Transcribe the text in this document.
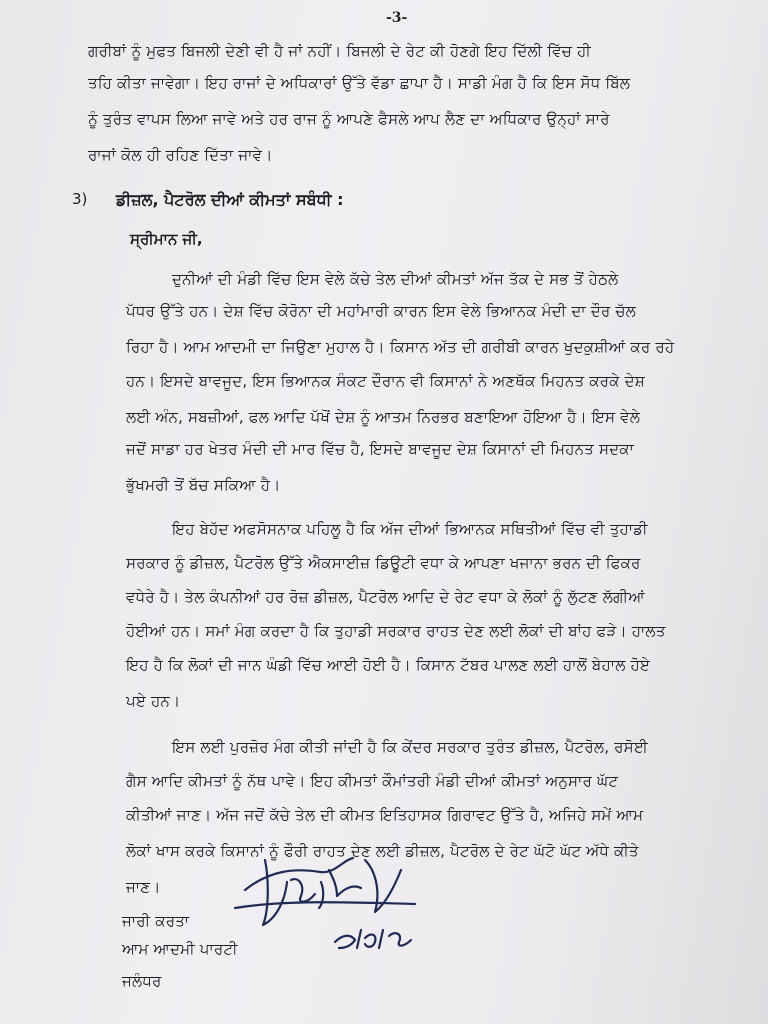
-3-
ਗਰੀਬਾਂ ਨੂੰ ਮੁਫਤ ਬਿਜਲੀ ਦੇਣੀ ਵੀ ਹੈ ਜਾਂ ਨਹੀਂ। ਬਿਜਲੀ ਦੇ ਰੇਟ ਕੀ ਹੋਣਗੇ ਇਹ ਦਿੱਲੀ ਵਿੱਚ ਹੀ
ਤਹਿ ਕੀਤਾ ਜਾਵੇਗਾ। ਇਹ ਰਾਜਾਂ ਦੇ ਅਧਿਕਾਰਾਂ ਉੱਤੇ ਵੱਡਾ ਛਾਪਾ ਹੈ। ਸਾਡੀ ਮੰਗ ਹੈ ਕਿ ਇਸ ਸੋਧ ਬਿੱਲ
ਨੂੰ ਤੁਰੰਤ ਵਾਪਸ ਲਿਆ ਜਾਵੇ ਅਤੇ ਹਰ ਰਾਜ ਨੂੰ ਆਪਣੇ ਫੈਸਲੇ ਆਪ ਲੈਣ ਦਾ ਅਧਿਕਾਰ ਉਨ੍ਹਾਂ ਸਾਰੇ
ਰਾਜਾਂ ਕੋਲ ਹੀ ਰਹਿਣ ਦਿੱਤਾ ਜਾਵੇ।
3) ਡੀਜ਼ਲ, ਪੈਟਰੋਲ ਦੀਆਂ ਕੀਮਤਾਂ ਸਬੰਧੀ :
ਸ੍ਰੀਮਾਨ ਜੀ,
ਦੁਨੀਆਂ ਦੀ ਮੰਡੀ ਵਿੱਚ ਇਸ ਵੇਲੇ ਕੱਚੇ ਤੇਲ ਦੀਆਂ ਕੀਮਤਾਂ ਅੱਜ ਤੱਕ ਦੇ ਸਭ ਤੋਂ ਹੇਠਲੇ
ਪੱਧਰ ਉੱਤੇ ਹਨ। ਦੇਸ਼ ਵਿੱਚ ਕੋਰੋਨਾ ਦੀ ਮਹਾਂਮਾਰੀ ਕਾਰਨ ਇਸ ਵੇਲੇ ਭਿਆਨਕ ਮੰਦੀ ਦਾ ਦੌਰ ਚੱਲ
ਰਿਹਾ ਹੈ। ਆਮ ਆਦਮੀ ਦਾ ਜਿਉਣਾ ਮੁਹਾਲ ਹੈ। ਕਿਸਾਨ ਅੱਤ ਦੀ ਗਰੀਬੀ ਕਾਰਨ ਖੁਦਕੁਸ਼ੀਆਂ ਕਰ ਰਹੇ
ਹਨ। ਇਸਦੇ ਬਾਵਜੂਦ, ਇਸ ਭਿਆਨਕ ਸੰਕਟ ਦੌਰਾਨ ਵੀ ਕਿਸਾਨਾਂ ਨੇ ਅਣਥੱਕ ਮਿਹਨਤ ਕਰਕੇ ਦੇਸ਼
ਲਈ ਅੰਨ, ਸਬਜ਼ੀਆਂ, ਫਲ ਆਦਿ ਪੱਖੋਂ ਦੇਸ਼ ਨੂੰ ਆਤਮ ਨਿਰਭਰ ਬਣਾਇਆ ਹੋਇਆ ਹੈ। ਇਸ ਵੇਲੇ
ਜਦੋਂ ਸਾਡਾ ਹਰ ਖੇਤਰ ਮੰਦੀ ਦੀ ਮਾਰ ਵਿੱਚ ਹੈ, ਇਸਦੇ ਬਾਵਜੂਦ ਦੇਸ਼ ਕਿਸਾਨਾਂ ਦੀ ਮਿਹਨਤ ਸਦਕਾ
ਭੁੱਖਮਰੀ ਤੋਂ ਬੱਚ ਸਕਿਆ ਹੈ।
ਇਹ ਬੇਹੱਦ ਅਫਸੋਸਨਾਕ ਪਹਿਲੂ ਹੈ ਕਿ ਅੱਜ ਦੀਆਂ ਭਿਆਨਕ ਸਥਿਤੀਆਂ ਵਿੱਚ ਵੀ ਤੁਹਾਡੀ
ਸਰਕਾਰ ਨੂੰ ਡੀਜ਼ਲ, ਪੈਟਰੋਲ ਉੱਤੇ ਐਕਸਾਈਜ਼ ਡਿਊਟੀ ਵਧਾ ਕੇ ਆਪਣਾ ਖਜਾਨਾ ਭਰਨ ਦੀ ਫਿਕਰ
ਵਧੇਰੇ ਹੈ। ਤੇਲ ਕੰਪਨੀਆਂ ਹਰ ਰੋਜ਼ ਡੀਜ਼ਲ, ਪੈਟਰੋਲ ਆਦਿ ਦੇ ਰੇਟ ਵਧਾ ਕੇ ਲੋਕਾਂ ਨੂੰ ਲੁੱਟਣ ਲੱਗੀਆਂ
ਹੋਈਆਂ ਹਨ। ਸਮਾਂ ਮੰਗ ਕਰਦਾ ਹੈ ਕਿ ਤੁਹਾਡੀ ਸਰਕਾਰ ਰਾਹਤ ਦੇਣ ਲਈ ਲੋਕਾਂ ਦੀ ਬਾਂਹ ਫੜੇ। ਹਾਲਤ
ਇਹ ਹੈ ਕਿ ਲੋਕਾਂ ਦੀ ਜਾਨ ਘੰਡੀ ਵਿੱਚ ਆਈ ਹੋਈ ਹੈ। ਕਿਸਾਨ ਟੱਬਰ ਪਾਲਣ ਲਈ ਹਾਲੋਂ ਬੇਹਾਲ ਹੋਏ
ਪਏ ਹਨ।
ਇਸ ਲਈ ਪੁਰਜ਼ੋਰ ਮੰਗ ਕੀਤੀ ਜਾਂਦੀ ਹੈ ਕਿ ਕੇਂਦਰ ਸਰਕਾਰ ਤੁਰੰਤ ਡੀਜ਼ਲ, ਪੈਟਰੋਲ, ਰਸੋਈ
ਗੈਸ ਆਦਿ ਕੀਮਤਾਂ ਨੂੰ ਨੱਥ ਪਾਵੇ। ਇਹ ਕੀਮਤਾਂ ਕੌਮਾਂਤਰੀ ਮੰਡੀ ਦੀਆਂ ਕੀਮਤਾਂ ਅਨੁਸਾਰ ਘੱਟ
ਕੀਤੀਆਂ ਜਾਣ। ਅੱਜ ਜਦੋਂ ਕੱਚੇ ਤੇਲ ਦੀ ਕੀਮਤ ਇਤਿਹਾਸਕ ਗਿਰਾਵਟ ਉੱਤੇ ਹੈ, ਅਜਿਹੇ ਸਮੇਂ ਆਮ
ਲੋਕਾਂ ਖਾਸ ਕਰਕੇ ਕਿਸਾਨਾਂ ਨੂੰ ਫੌਰੀ ਰਾਹਤ ਦੇਣ ਲਈ ਡੀਜ਼ਲ, ਪੈਟਰੋਲ ਦੇ ਰੇਟ ਘੱਟੋ ਘੱਟ ਅੱਧੇ ਕੀਤੇ
ਜਾਣ।
ਜਾਰੀ ਕਰਤਾ
ਆਮ ਆਦਮੀ ਪਾਰਟੀ
ਜਲੰਧਰ
